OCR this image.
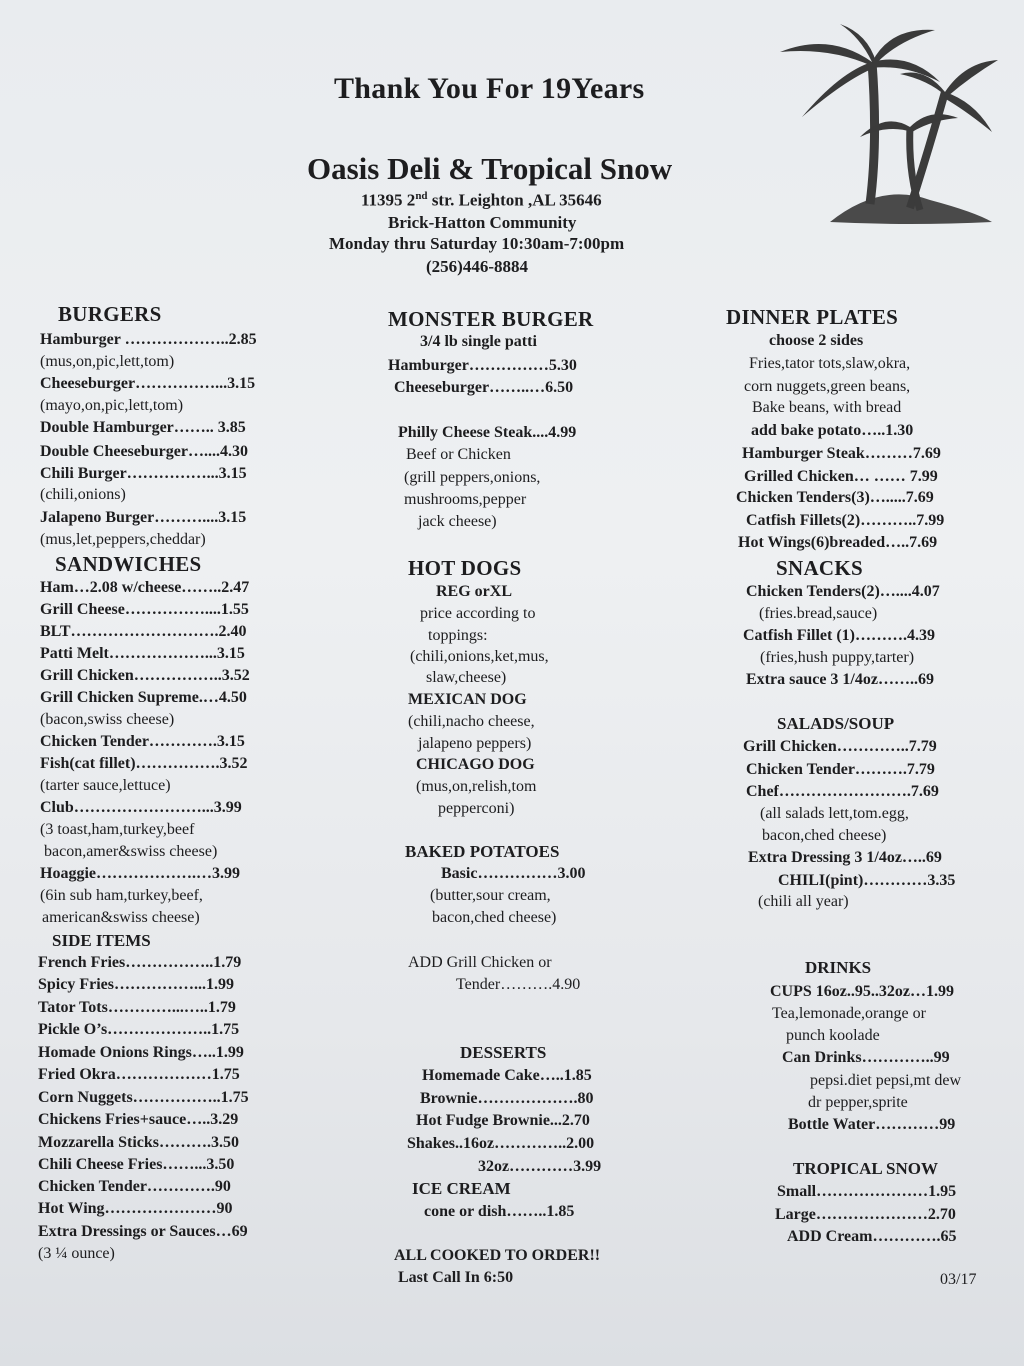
Thank You For 19Years
Oasis Deli & Tropical Snow
11395 2nd str. Leighton ,AL 35646
Brick-Hatton Community
Monday thru Saturday 10:30am-7:00pm
(256)446-8884
BURGERS
Hamburger ………………..2.85
(mus,on,pic,lett,tom)
Cheeseburger……………...3.15
(mayo,on,pic,lett,tom)
Double Hamburger…….. 3.85
Double Cheeseburger…....4.30
Chili Burger……………...3.15
(chili,onions)
Jalapeno Burger………....3.15
(mus,let,peppers,cheddar)
SANDWICHES
Ham…2.08 w/cheese……..2.47
Grill Cheese……………....1.55
BLT……………………….2.40
Patti Melt………………...3.15
Grill Chicken……………..3.52
Grill Chicken Supreme.…4.50
(bacon,swiss cheese)
Chicken Tender………….3.15
Fish(cat fillet)…………….3.52
(tarter sauce,lettuce)
Club……………………...3.99
(3 toast,ham,turkey,beef
bacon,amer&swiss cheese)
Hoaggie……………….…3.99
(6in sub ham,turkey,beef,
american&swiss cheese)
SIDE ITEMS
French Fries……………..1.79
Spicy Fries……………...1.99
Tator Tots…………...…..1.79
Pickle O’s………………..1.75
Homade Onions Rings…..1.99
Fried Okra………………1.75
Corn Nuggets……………..1.75
Chickens Fries+sauce…..3.29
Mozzarella Sticks……….3.50
Chili Cheese Fries……...3.50
Chicken Tender………….90
Hot Wing…………………90
Extra Dressings or Sauces…69
(3 ¼ ounce)
MONSTER BURGER
3/4 lb single patti
Hamburger……………5.30
Cheeseburger……..…6.50
Philly Cheese Steak....4.99
Beef or Chicken
(grill peppers,onions,
mushrooms,pepper
jack cheese)
HOT DOGS
REG orXL
price according to
toppings:
(chili,onions,ket,mus,
slaw,cheese)
MEXICAN DOG
(chili,nacho cheese,
jalapeno peppers)
CHICAGO DOG
(mus,on,relish,tom
pepperconi)
BAKED POTATOES
Basic……………3.00
(butter,sour cream,
bacon,ched cheese)
ADD Grill Chicken or
Tender……….4.90
DESSERTS
Homemade Cake…..1.85
Brownie……………….80
Hot Fudge Brownie...2.70
Shakes..16oz…………..2.00
32oz…………3.99
ICE CREAM
cone or dish……..1.85
ALL COOKED TO ORDER!!
Last Call In 6:50
DINNER PLATES
choose 2 sides
Fries,tator tots,slaw,okra,
corn nuggets,green beans,
Bake beans, with bread
add bake potato…..1.30
Hamburger Steak………7.69
Grilled Chicken… …… 7.99
Chicken Tenders(3)….....7.69
Catfish Fillets(2)………..7.99
Hot Wings(6)breaded…..7.69
SNACKS
Chicken Tenders(2)…....4.07
(fries.bread,sauce)
Catfish Fillet (1)……….4.39
(fries,hush puppy,tarter)
Extra sauce 3 1/4oz……..69
SALADS/SOUP
Grill Chicken…………..7.79
Chicken Tender……….7.79
Chef…………………….7.69
(all salads lett,tom.egg,
bacon,ched cheese)
Extra Dressing 3 1/4oz…..69
CHILI(pint)…………3.35
(chili all year)
DRINKS
CUPS 16oz..95..32oz…1.99
Tea,lemonade,orange or
punch koolade
Can Drinks…………..99
pepsi.diet pepsi,mt dew
dr pepper,sprite
Bottle Water…………99
TROPICAL SNOW
Small…………………1.95
Large…………………2.70
ADD Cream………….65
03/17
